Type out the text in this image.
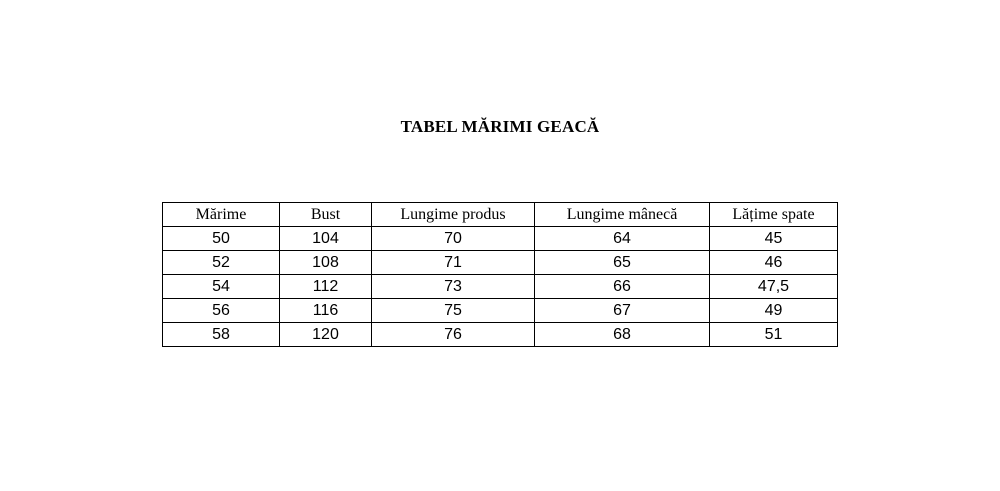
TABEL MĂRIMI GEACĂ
Mărime	Bust	Lungime produs	Lungime mânecă	Lățime spate
50	104	70	64	45
52	108	71	65	46
54	112	73	66	47,5
56	116	75	67	49
58	120	76	68	51
